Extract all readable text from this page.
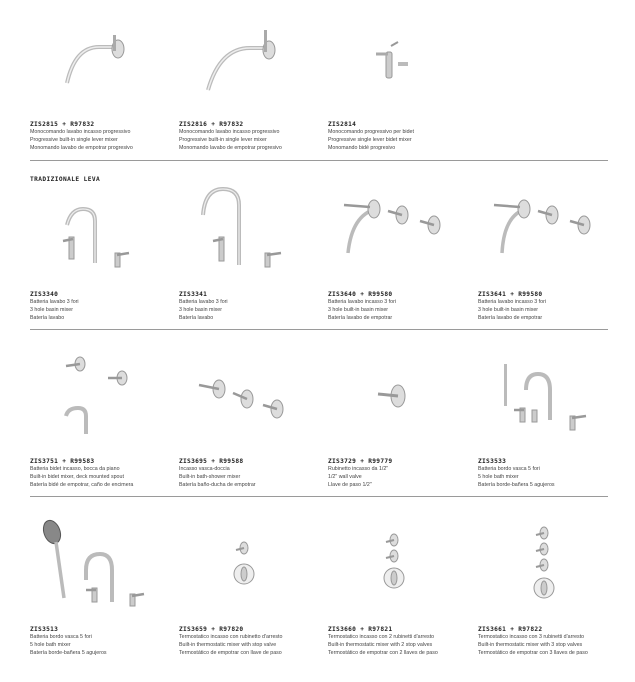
ZIS2815 + R97832
Monocomando lavabo incasso progressivo
Progressive built-in single lever mixer
Monomando lavabo de empotrar progresivo
ZIS2816 + R97832
Monocomando lavabo incasso progressivo
Progressive built-in single lever mixer
Monomando lavabo de empotrar progresivo
ZIS2814
Monocomando progressivo per bidet
Progressive single lever bidet mixer
Monomando bidé progresivo
TRADIZIONALE LEVA
ZIS3340
Batteria lavabo 3 fori
3 hole basin mixer
Batería lavabo
ZIS3341
Batteria lavabo 3 fori
3 hole basin mixer
Batería lavabo
ZIS3640 + R99580
Batteria lavabo incasso 3 fori
3 hole built-in basin mixer
Batería lavabo de empotrar
ZIS3641 + R99580
Batteria lavabo incasso 3 fori
3 hole built-in basin mixer
Batería lavabo de empotrar
ZIS3751 + R99583
Batteria bidet incasso, bocca da piano
Built-in bidet mixer, deck mounted spout
Batería bidé de empotrar, caño de encimera
ZIS3695 + R99588
Incasso vasca-doccia
Built-in bath-shower mixer
Batería baño-ducha de empotrar
ZIS3729 + R99779
Rubinetto incasso da 1/2"
1/2" wall valve
Llave de paso 1/2"
ZIS3533
Batteria bordo vasca 5 fori
5 hole bath mixer
Batería borde-bañera 5 agujeros
ZIS3513
Batteria bordo vasca 5 fori
5 hole bath mixer
Batería borde-bañera 5 agujeros
ZIS3659 + R97820
Termostatico incasso con rubinetto d'arresto
Built-in thermostatic mixer with stop valve
Termostático de empotrar con llave de paso
ZIS3660 + R97821
Termostatico incasso con 2 rubinetti d'arresto
Built-in thermostatic mixer with 2 stop valves
Termostático de empotrar con 2 llaves de paso
ZIS3661 + R97822
Termostatico incasso con 3 rubinetti d'arresto
Built-in thermostatic mixer with 3 stop valves
Termostático de empotrar con 3 llaves de paso
